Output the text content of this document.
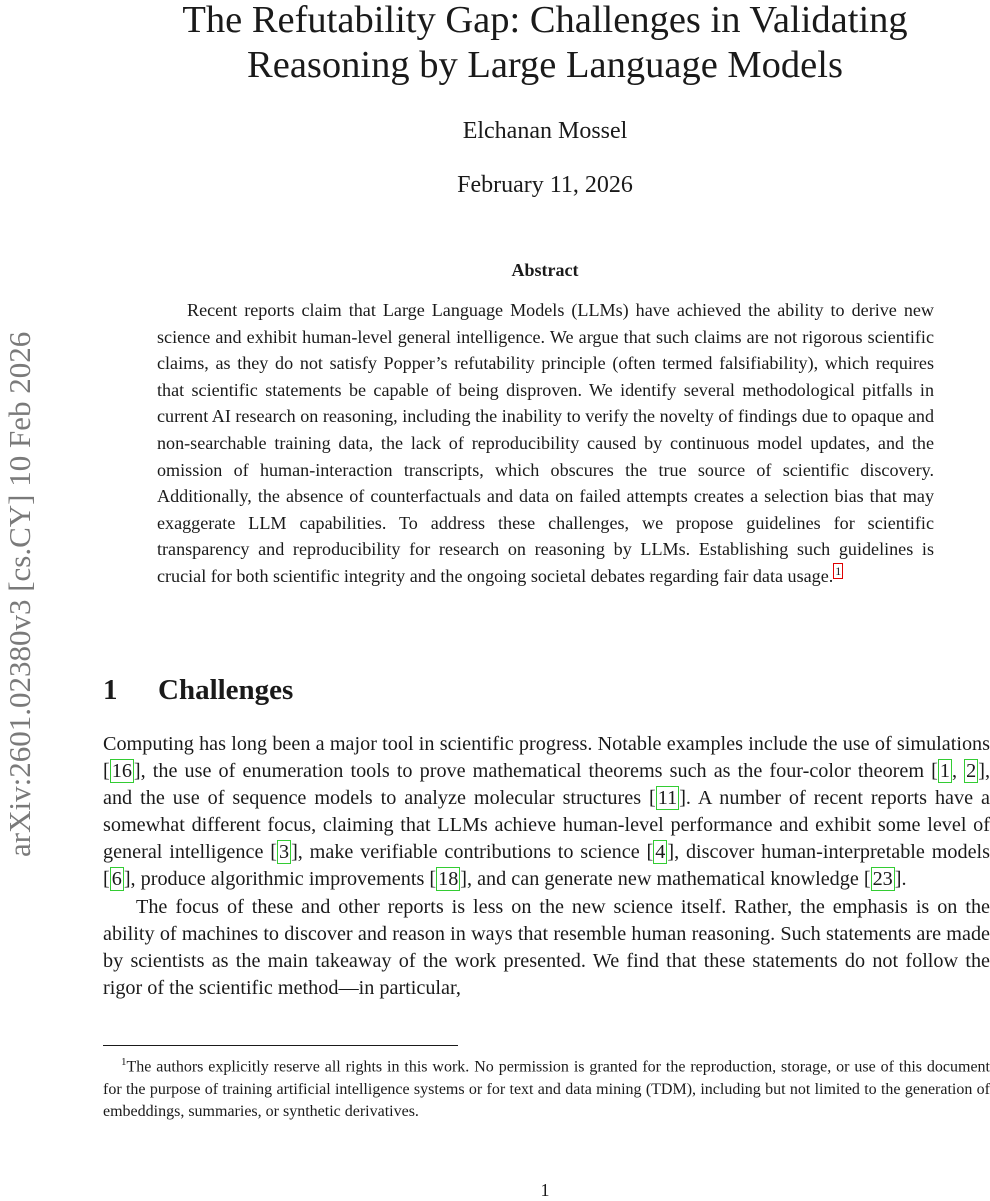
arXiv:2601.02380v3 [cs.CY] 10 Feb 2026
The Refutability Gap: Challenges in Validating Reasoning by Large Language Models
Elchanan Mossel
February 11, 2026
Abstract

Recent reports claim that Large Language Models (LLMs) have achieved the ability to derive new science and exhibit human-level general intelligence. We argue that such claims are not rigorous scientific claims, as they do not satisfy Popper’s refutability principle (often termed falsifiability), which requires that scientific statements be capable of being disproven. We identify several methodological pitfalls in current AI research on reasoning, including the inability to verify the novelty of findings due to opaque and non-searchable training data, the lack of reproducibility caused by continuous model updates, and the omission of human-interaction transcripts, which obscures the true source of scientific discovery. Additionally, the absence of counterfactuals and data on failed attempts creates a selection bias that may exaggerate LLM capabilities. To address these challenges, we propose guidelines for scientific transparency and reproducibility for research on reasoning by LLMs. Establishing such guidelines is crucial for both scientific integrity and the ongoing societal debates regarding fair data usage. $^1$

1 Challenges

Computing has long been a major tool in scientific progress. Notable examples include the use of simulations [16], the use of enumeration tools to prove mathematical theorems such as the four-color theorem [1, 2], and the use of sequence models to analyze molecular structures [11]. A number of recent reports have a somewhat different focus, claiming that LLMs achieve human-level performance and exhibit some level of general intelligence [3], make verifiable contributions to science [4], discover human-interpretable models [6], produce algorithmic improvements [18], and can generate new mathematical knowledge [23].

The focus of these and other reports is less on the new science itself. Rather, the emphasis is on the ability of machines to discover and reason in ways that resemble human reasoning. Such statements are made by scientists as the main takeaway of the work presented. We find that these statements do not follow the rigor of the scientific method—in particular,

$^1$The authors explicitly reserve all rights in this work. No permission is granted for the reproduction, storage, or use of this document for the purpose of training artificial intelligence systems or for text and data mining (TDM), including but not limited to the generation of embeddings, summaries, or synthetic derivatives.

1
